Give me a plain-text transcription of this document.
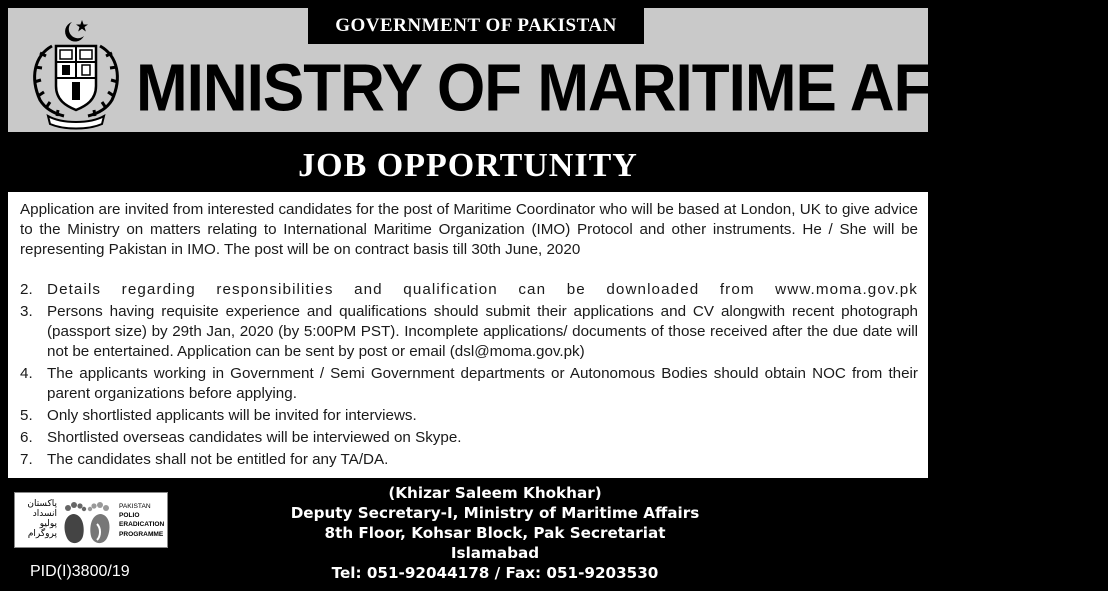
GOVERNMENT OF PAKISTAN
MINISTRY OF MARITIME AFFAIRS
JOB OPPORTUNITY

Application are invited from interested candidates for the post of Maritime Coordinator who will be based at London, UK to give advice to the Ministry on matters relating to International Maritime Organization (IMO) Protocol and other instruments. He / She will be representing Pakistan in IMO. The post will be on contract basis till 30th June, 2020

2. Details regarding responsibilities and qualification can be downloaded from www.moma.gov.pk
3. Persons having requisite experience and qualifications should submit their applications and CV alongwith recent photograph (passport size) by 29th Jan, 2020 (by 5:00PM PST). Incomplete applications/ documents of those received after the due date will not be entertained. Application can be sent by post or email (dsl@moma.gov.pk)
4. The applicants working in Government / Semi Government departments or Autonomous Bodies should obtain NOC from their parent organizations before applying.
5. Only shortlisted applicants will be invited for interviews.
6. Shortlisted overseas candidates will be interviewed on Skype.
7. The candidates shall not be entitled for any TA/DA.
پاکستان
انسداد
پولیو
پروگرام
PAKISTAN
POLIO
ERADICATION
PROGRAMME
PID(I)3800/19
(Khizar Saleem Khokhar)
Deputy Secretary-I, Ministry of Maritime Affairs
8th Floor, Kohsar Block, Pak Secretariat
Islamabad
Tel: 051-92044178 / Fax: 051-9203530
